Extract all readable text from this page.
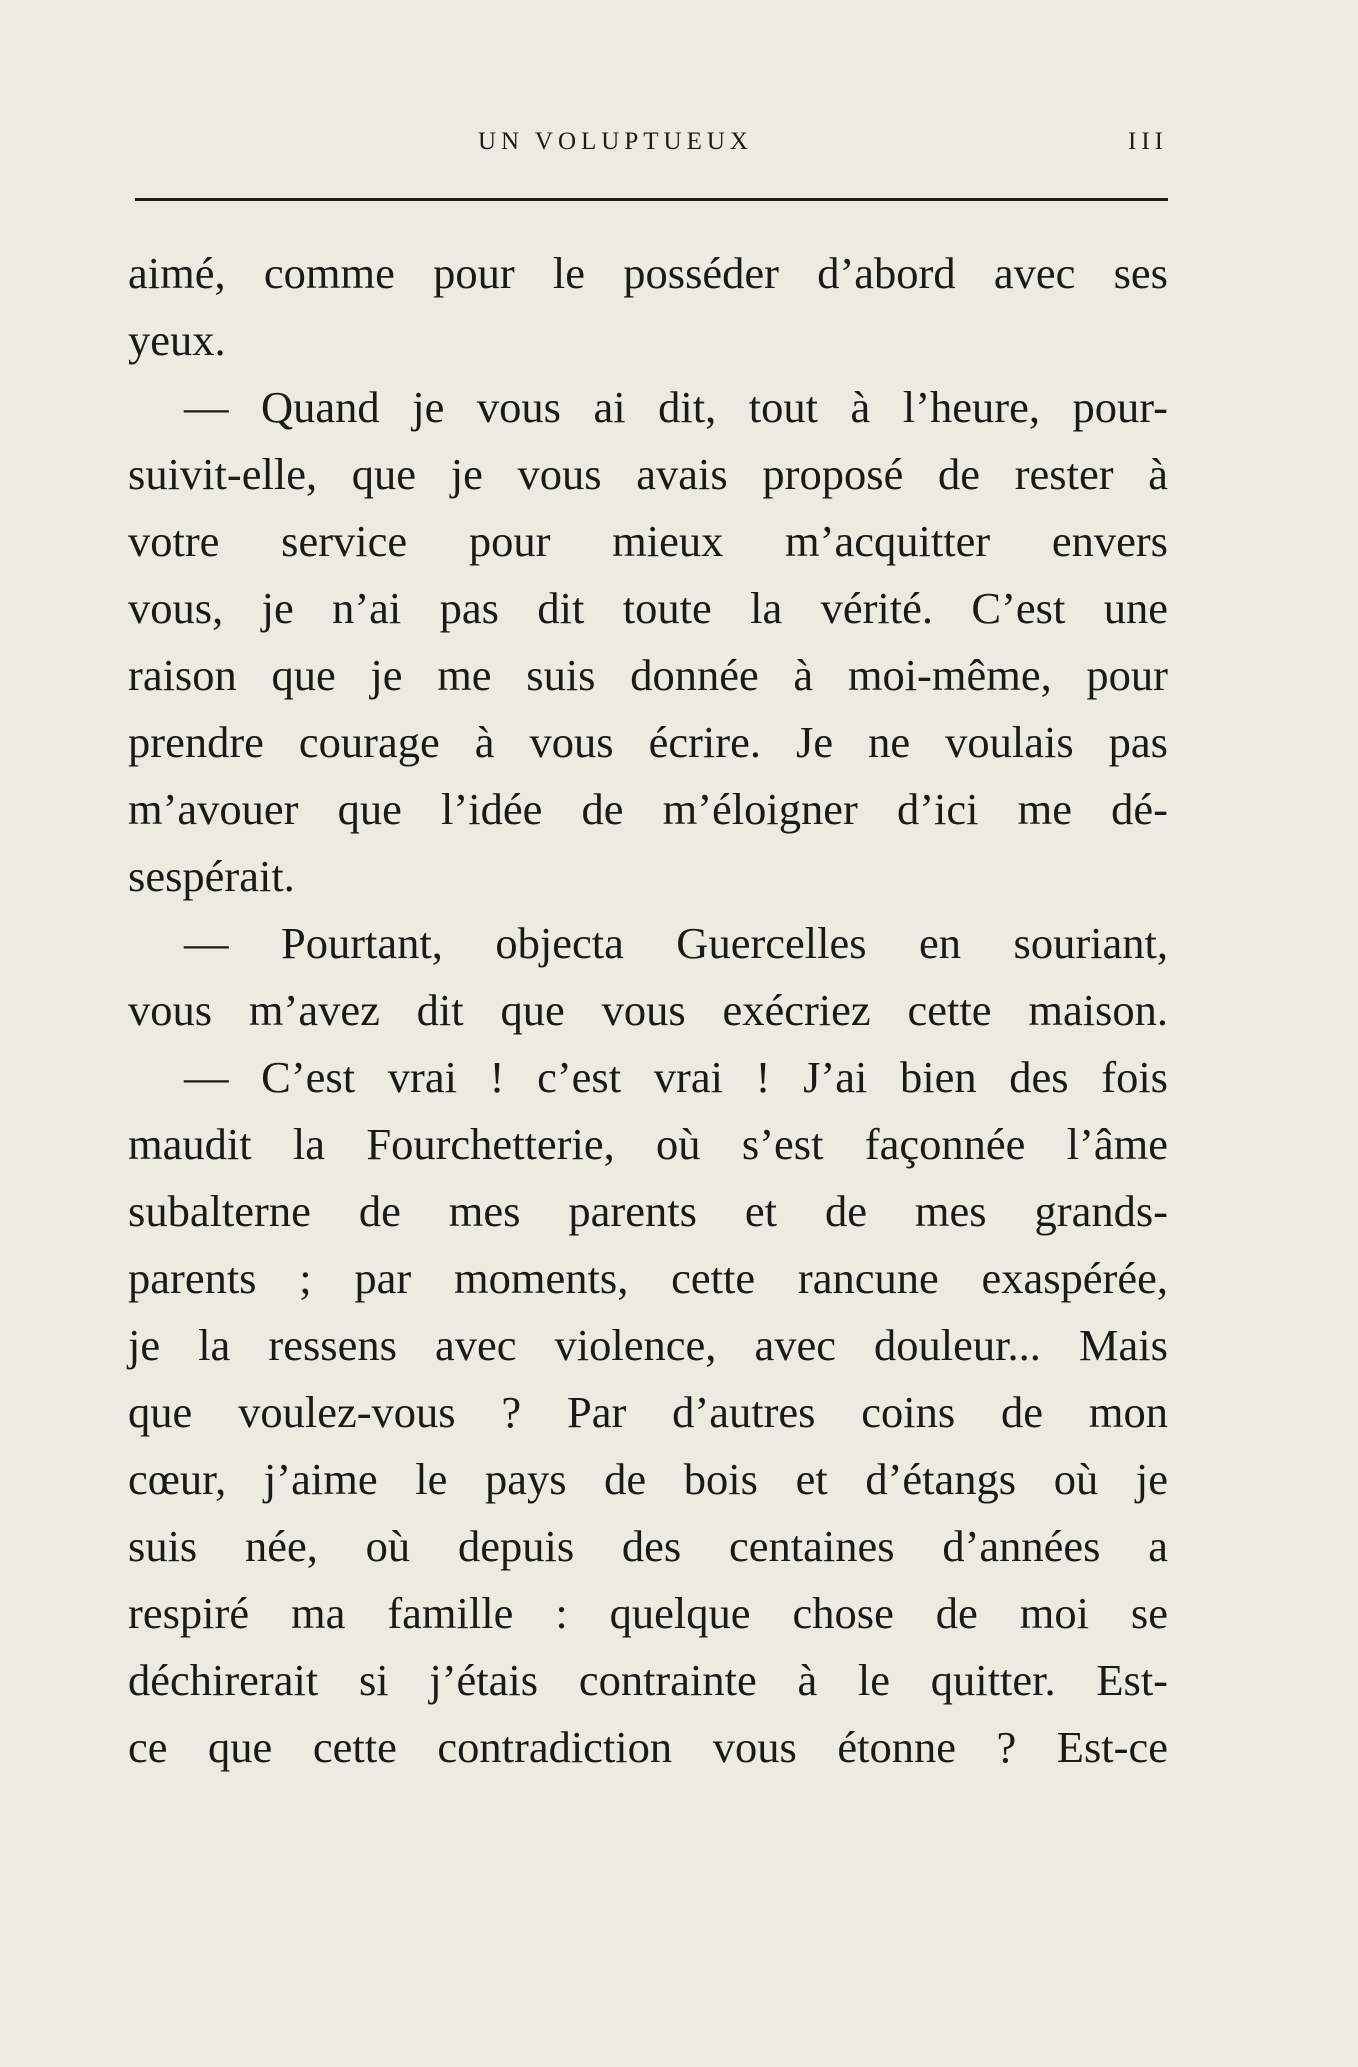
UN VOLUPTUEUX	III
aimé, comme pour le posséder d’abord avec ses
yeux.
— Quand je vous ai dit, tout à l’heure, pour-
suivit-elle, que je vous avais proposé de rester à
votre service pour mieux m’acquitter envers
vous, je n’ai pas dit toute la vérité. C’est une
raison que je me suis donnée à moi-même, pour
prendre courage à vous écrire. Je ne voulais pas
m’avouer que l’idée de m’éloigner d’ici me dé-
sespérait.
— Pourtant, objecta Guercelles en souriant,
vous m’avez dit que vous exécriez cette maison.
— C’est vrai ! c’est vrai ! J’ai bien des fois
maudit la Fourchetterie, où s’est façonnée l’âme
subalterne de mes parents et de mes grands-
parents ; par moments, cette rancune exaspérée,
je la ressens avec violence, avec douleur... Mais
que voulez-vous ? Par d’autres coins de mon
cœur, j’aime le pays de bois et d’étangs où je
suis née, où depuis des centaines d’années a
respiré ma famille : quelque chose de moi se
déchirerait si j’étais contrainte à le quitter. Est-
ce que cette contradiction vous étonne ? Est-ce
